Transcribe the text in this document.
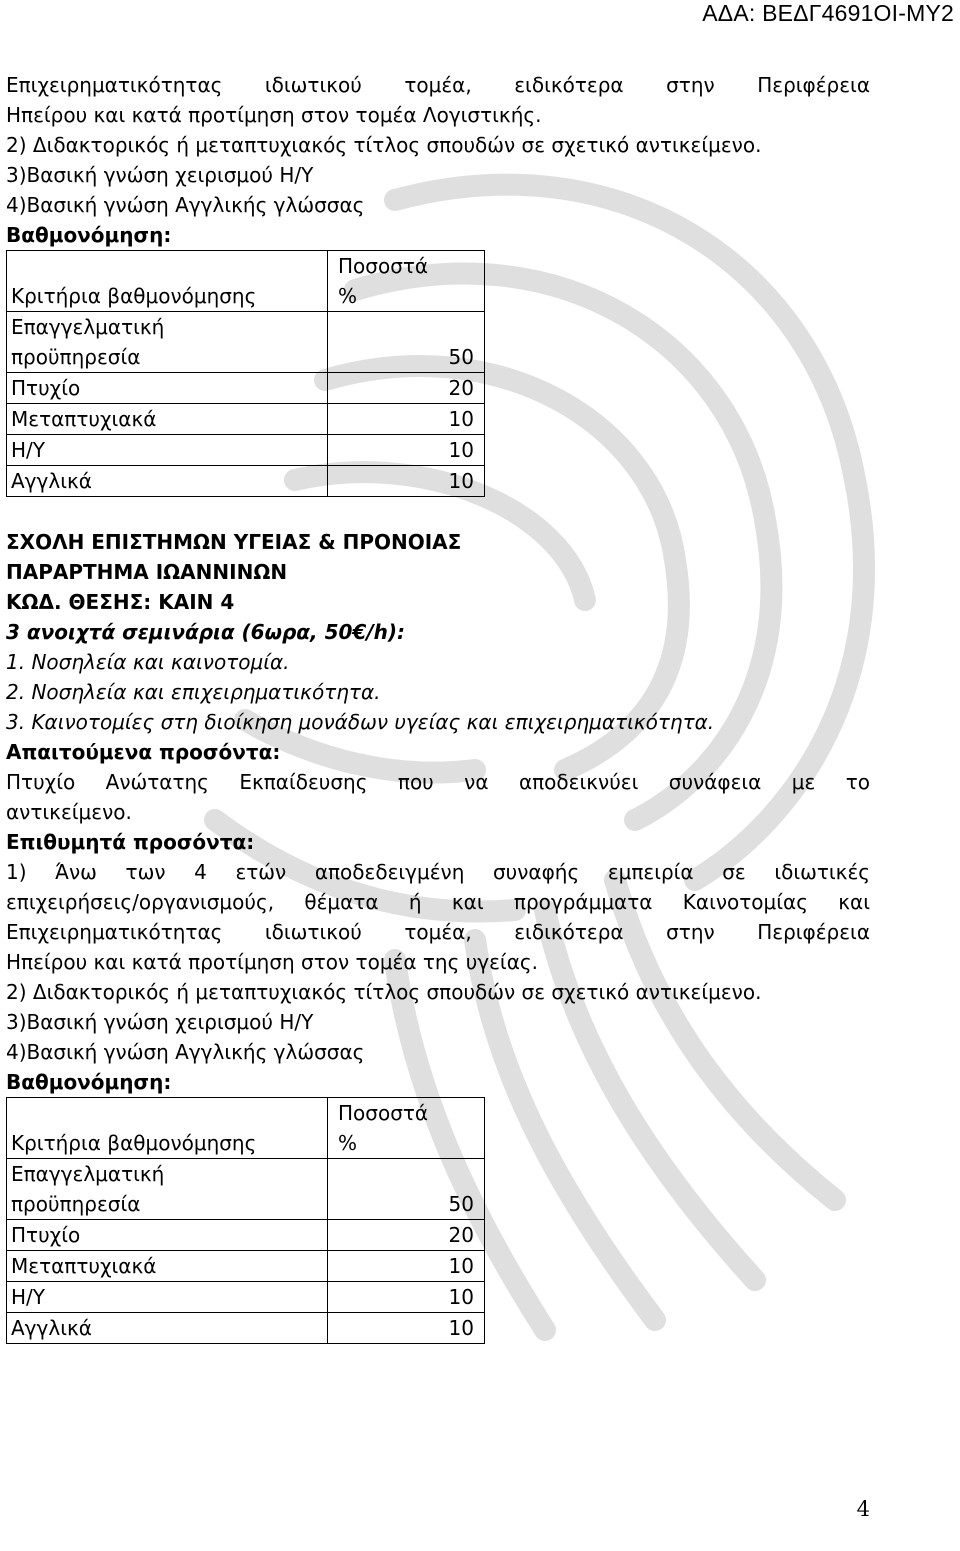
ΑΔΑ: ΒΕΔΓ4691ΟΙ-ΜΥ2

Επιχειρηματικότητας ιδιωτικού τομέα, ειδικότερα στην Περιφέρεια

Ηπείρου και κατά προτίμηση στον τομέα Λογιστικής.

2) Διδακτορικός ή μεταπτυχιακός τίτλος σπουδών σε σχετικό αντικείμενο.

3)Βασική γνώση χειρισμού Η/Υ

4)Βασική γνώση Αγγλικής γλώσσας

Βαθμονόμηση:

Κριτήρια βαθμονόμησης	Ποσοστά
%

Επαγγελματική
προϋπηρεσία	50
Πτυχίο	20
Μεταπτυχιακά	10
Η/Υ	10
Αγγλικά	10

ΣΧΟΛΗ ΕΠΙΣΤΗΜΩΝ ΥΓΕΙΑΣ & ΠΡΟΝΟΙΑΣ

ΠΑΡΑΡΤΗΜΑ ΙΩΑΝΝΙΝΩΝ

ΚΩΔ. ΘΕΣΗΣ: ΚΑΙΝ 4

3 ανοιχτά σεμινάρια (6ωρα, 50€/h):

1. Νοσηλεία και καινοτομία.

2. Νοσηλεία και επιχειρηματικότητα.

3. Καινοτομίες στη διοίκηση μονάδων υγείας και επιχειρηματικότητα.

Απαιτούμενα προσόντα:

Πτυχίο Ανώτατης Εκπαίδευσης που να αποδεικνύει συνάφεια με το

αντικείμενο.

Επιθυμητά προσόντα:

1) Άνω των 4 ετών αποδεδειγμένη συναφής εμπειρία σε ιδιωτικές

επιχειρήσεις/οργανισμούς, θέματα ή και προγράμματα Καινοτομίας και

Επιχειρηματικότητας ιδιωτικού τομέα, ειδικότερα στην Περιφέρεια

Ηπείρου και κατά προτίμηση στον τομέα της υγείας.

2) Διδακτορικός ή μεταπτυχιακός τίτλος σπουδών σε σχετικό αντικείμενο.

3)Βασική γνώση χειρισμού Η/Υ

4)Βασική γνώση Αγγλικής γλώσσας

Βαθμονόμηση:

Κριτήρια βαθμονόμησης	Ποσοστά
%

Επαγγελματική
προϋπηρεσία	50
Πτυχίο	20
Μεταπτυχιακά	10
Η/Υ	10
Αγγλικά	10
4
